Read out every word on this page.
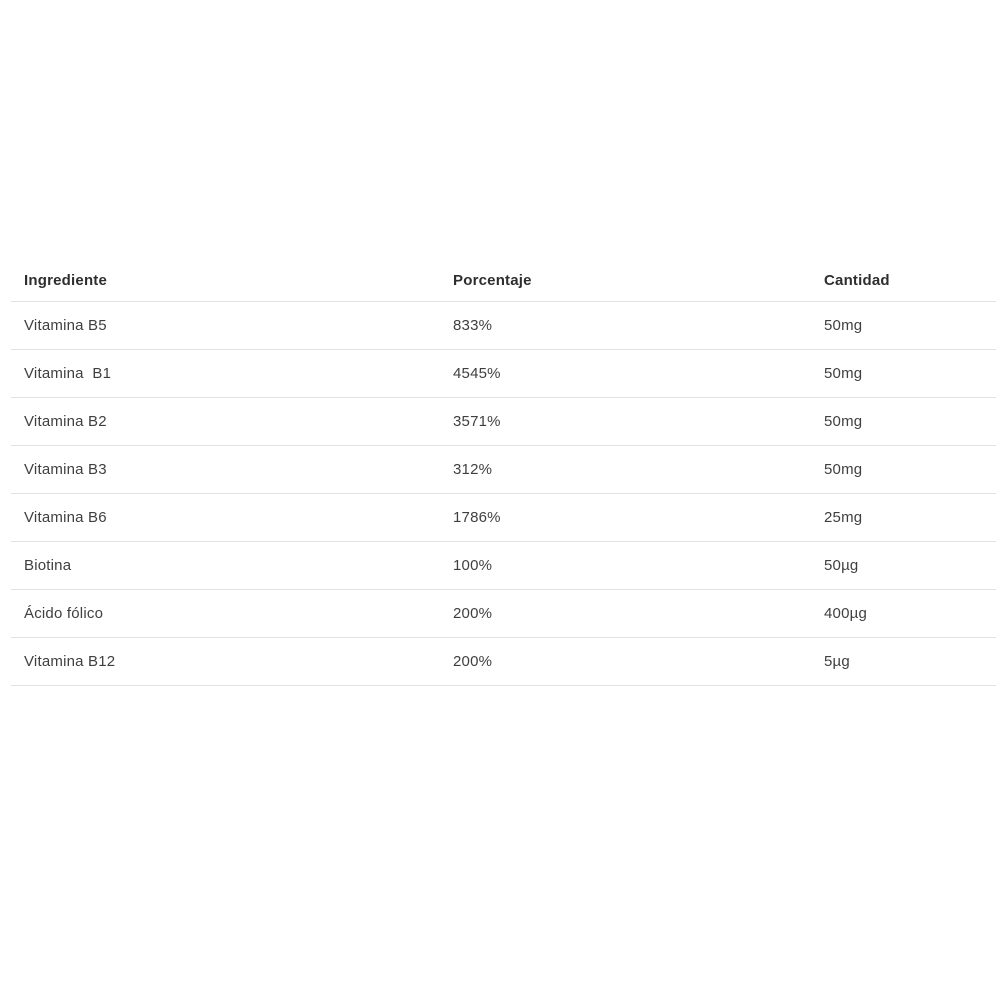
Ingrediente	Porcentaje	Cantidad
Vitamina B5	833%	50mg
Vitamina  B1	4545%	50mg
Vitamina B2	3571%	50mg
Vitamina B3	312%	50mg
Vitamina B6	1786%	25mg
Biotina	100%	50µg
Ácido fólico	200%	400µg
Vitamina B12	200%	5µg
